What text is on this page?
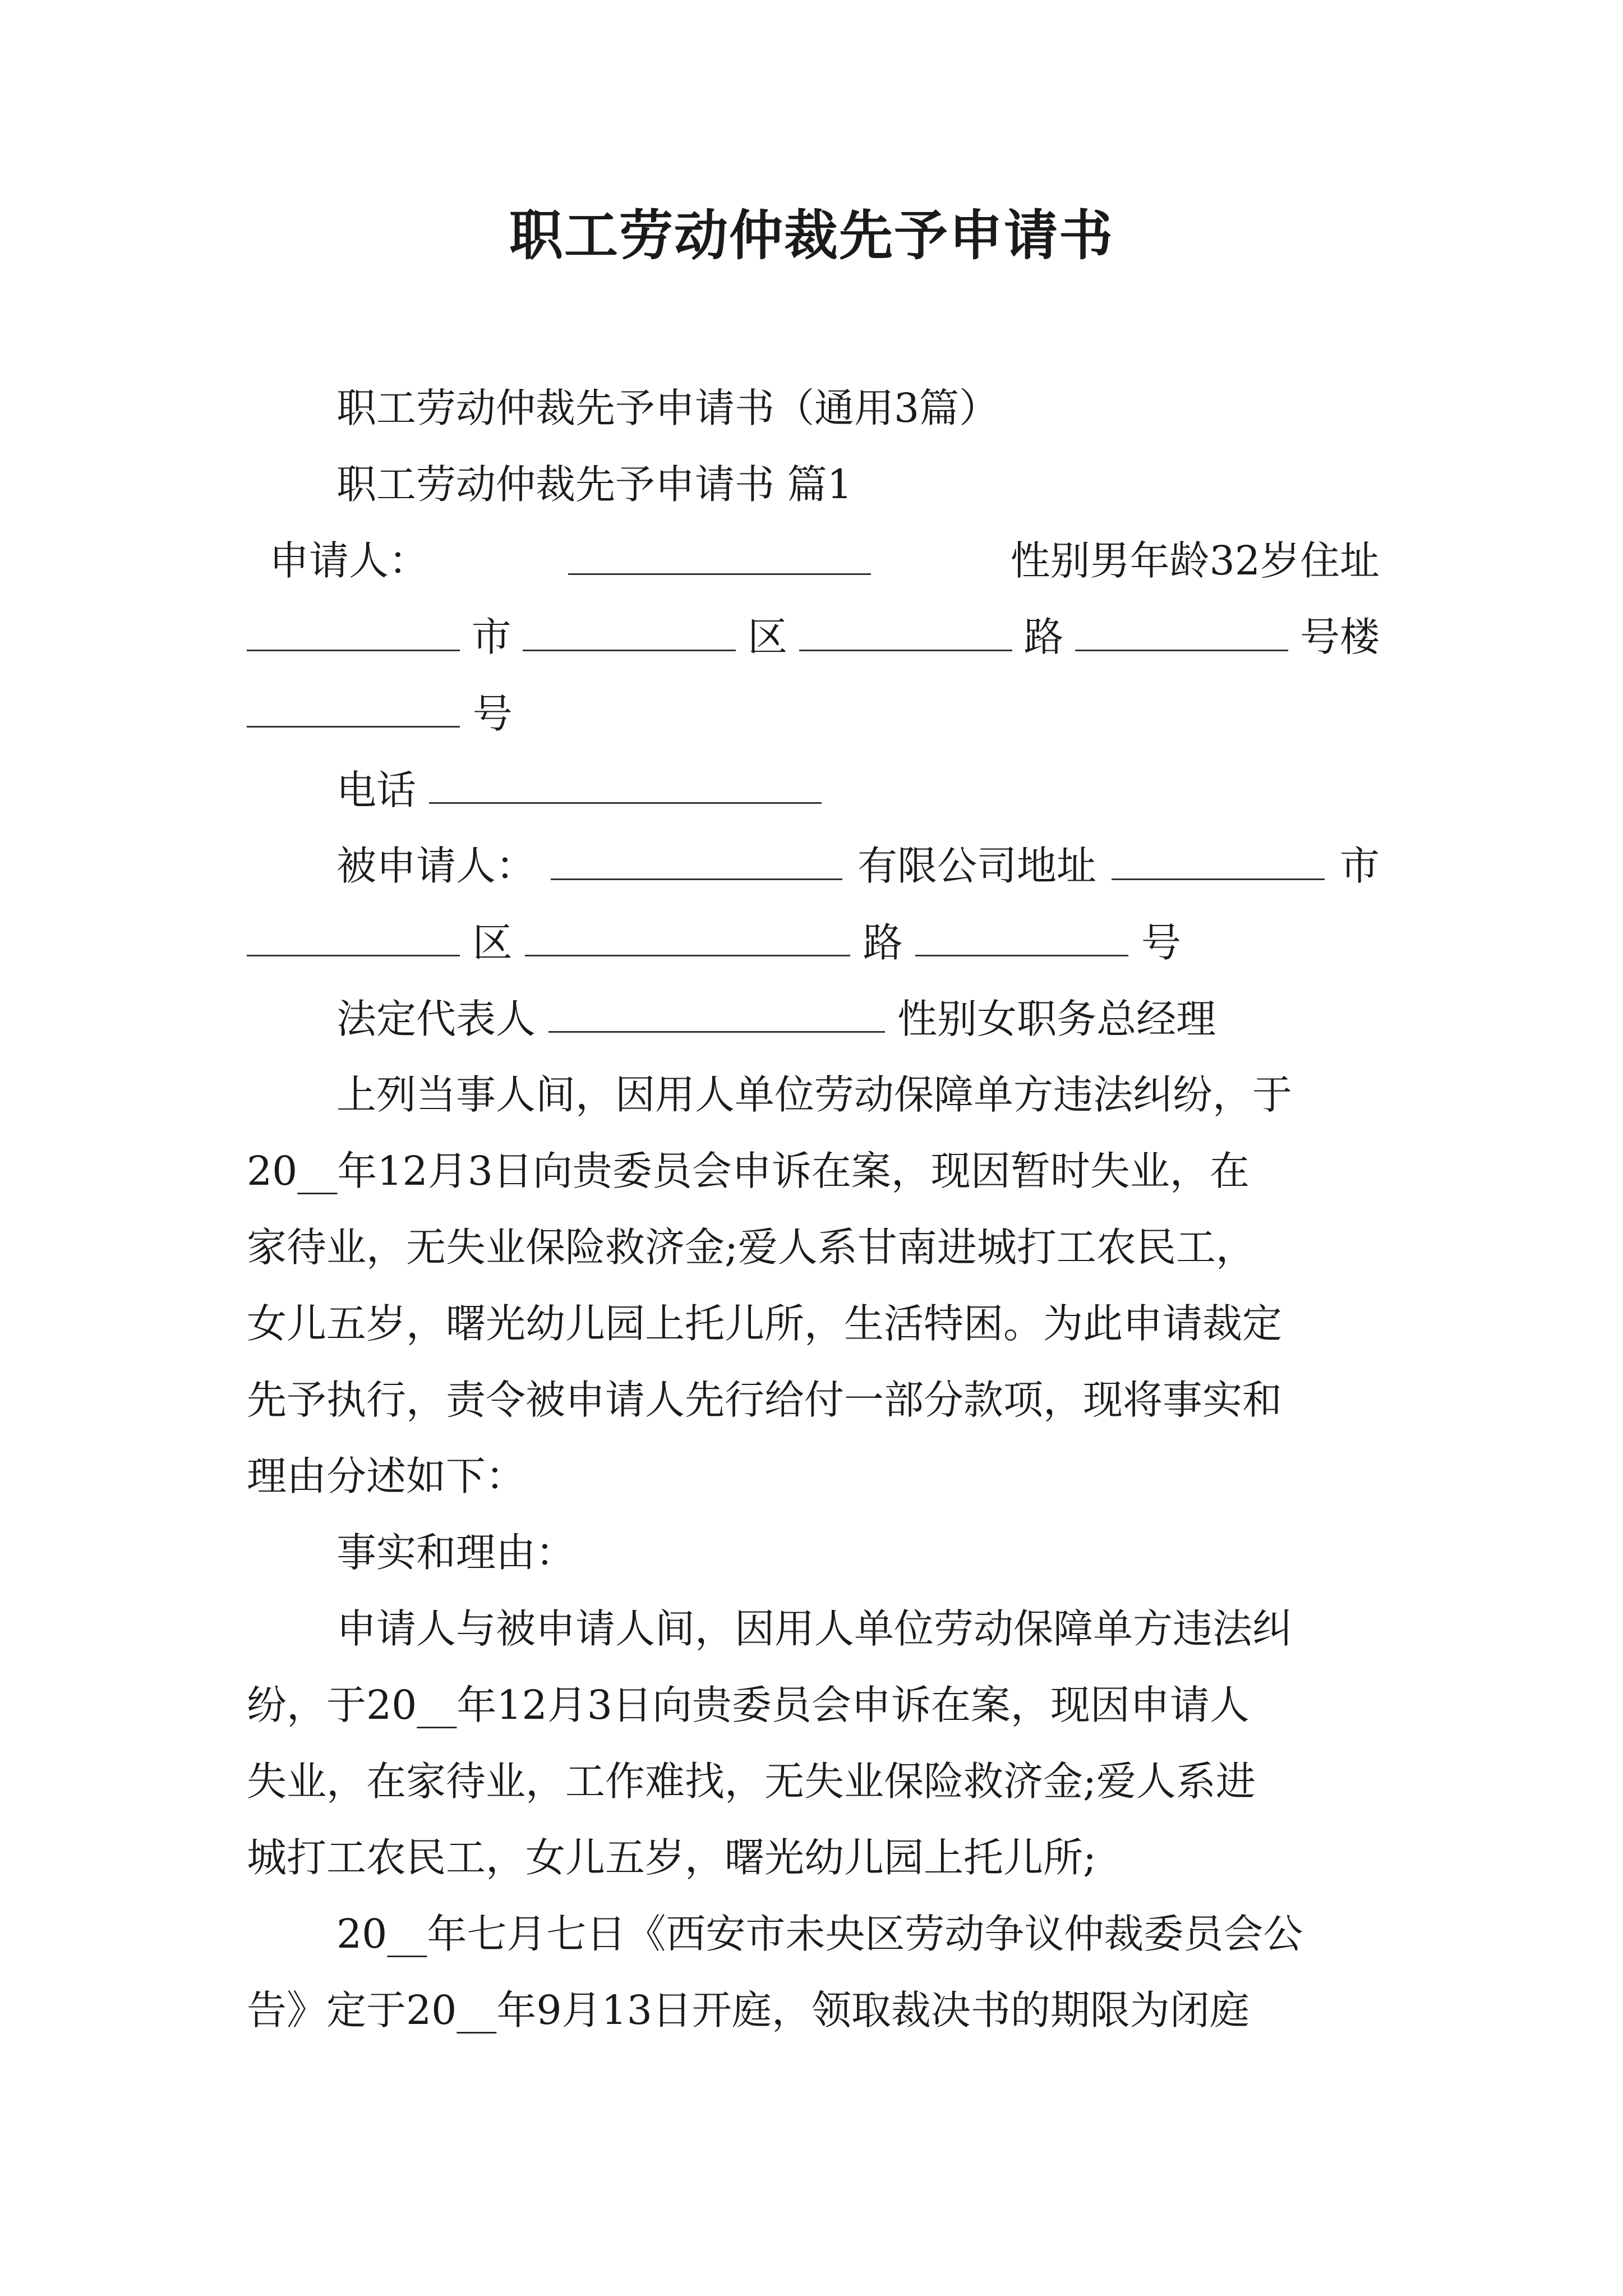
职工劳动仲裁先予申请书
职工劳动仲裁先予申请书（通用3篇）
职工劳动仲裁先予申请书 篇1
申请人：	性别男年龄32岁住址
市	区	路	号楼
号
电话
被申请人：	有限公司地址	市
区	路	号
法定代表人	性别女职务总经理
上列当事人间，因用人单位劳动保障单方违法纠纷，于
20__年12月3日向贵委员会申诉在案，现因暂时失业，在
家待业，无失业保险救济金;爱人系甘南进城打工农民工，
女儿五岁，曙光幼儿园上托儿所，生活特困。为此申请裁定
先予执行，责令被申请人先行给付一部分款项，现将事实和
理由分述如下：
事实和理由：
申请人与被申请人间，因用人单位劳动保障单方违法纠
纷，于20__年12月3日向贵委员会申诉在案，现因申请人
失业，在家待业，工作难找，无失业保险救济金;爱人系进
城打工农民工，女儿五岁，曙光幼儿园上托儿所;
20__年七月七日《西安市未央区劳动争议仲裁委员会公
告》定于20__年9月13日开庭，领取裁决书的期限为闭庭
